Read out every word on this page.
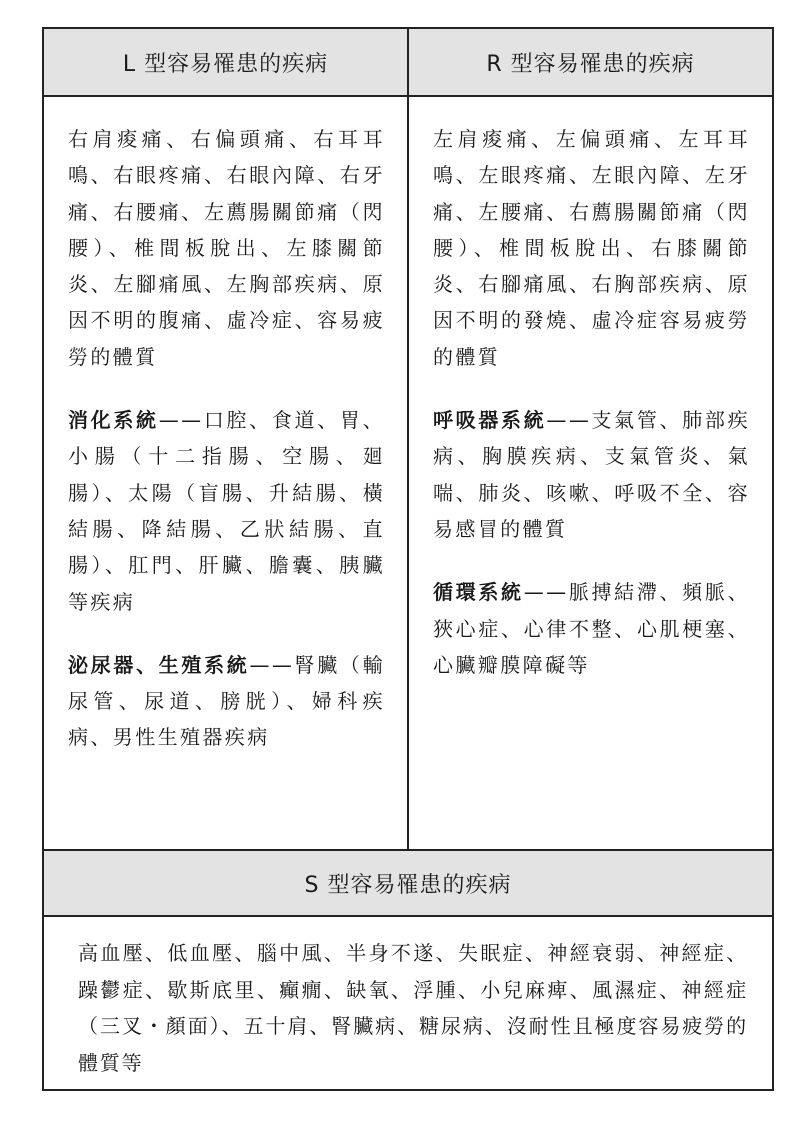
L 型容易罹患的疾病

右肩痠痛、右偏頭痛、右耳耳鳴、右眼疼痛、右眼內障、右牙痛、右腰痛、左薦腸關節痛（閃腰）、椎間板脫出、左膝關節炎、左腳痛風、左胸部疾病、原因不明的腹痛、虛冷症、容易疲勞的體質

消化系統——口腔、食道、胃、小腸（十二指腸、空腸、廻腸）、太陽（盲腸、升結腸、橫結腸、降結腸、乙狀結腸、直腸）、肛門、肝臟、膽囊、胰臟等疾病

泌尿器、生殖系統——腎臟（輸尿管、尿道、膀胱）、婦科疾病、男性生殖器疾病

R 型容易罹患的疾病

左肩痠痛、左偏頭痛、左耳耳鳴、左眼疼痛、左眼內障、左牙痛、左腰痛、右薦腸關節痛（閃腰）、椎間板脫出、右膝關節炎、右腳痛風、右胸部疾病、原因不明的發燒、虛冷症容易疲勞的體質

呼吸器系統——支氣管、肺部疾病、胸膜疾病、支氣管炎、氣喘、肺炎、咳嗽、呼吸不全、容易感冒的體質

循環系統——脈搏結滯、頻脈、狹心症、心律不整、心肌梗塞、心臟瓣膜障礙等

S 型容易罹患的疾病

高血壓、低血壓、腦中風、半身不遂、失眠症、神經衰弱、神經症、躁鬱症、歇斯底里、癲癇、缺氧、浮腫、小兒麻痺、風濕症、神經症（三叉・顏面）、五十肩、腎臟病、糖尿病、沒耐性且極度容易疲勞的體質等
